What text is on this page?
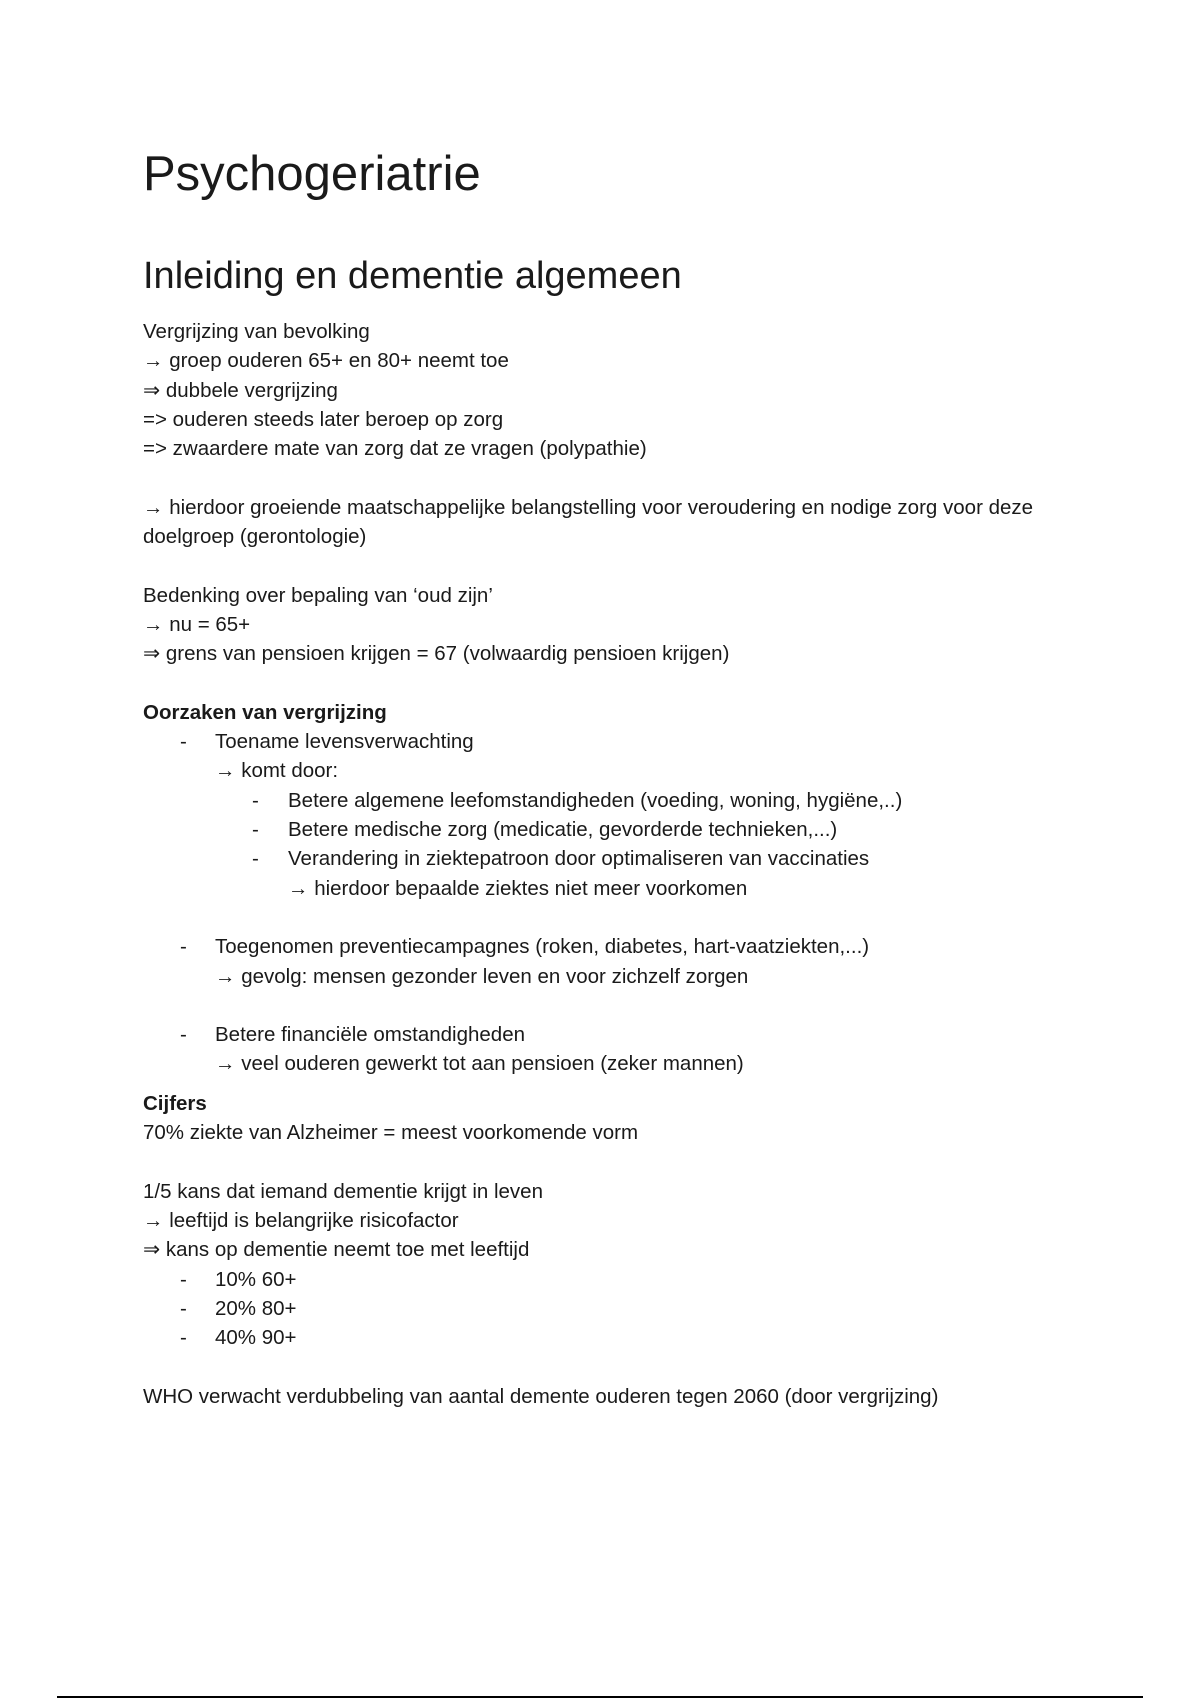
Psychogeriatrie
Inleiding en dementie algemeen
Vergrijzing van bevolking
→ groep ouderen 65+ en 80+ neemt toe
⇒ dubbele vergrijzing
=> ouderen steeds later beroep op zorg
=> zwaardere mate van zorg dat ze vragen (polypathie)
→ hierdoor groeiende maatschappelijke belangstelling voor veroudering en nodige zorg voor deze doelgroep (gerontologie)
Bedenking over bepaling van ‘oud zijn’
→ nu = 65+
⇒ grens van pensioen krijgen = 67 (volwaardig pensioen krijgen)
Oorzaken van vergrijzing
- Toename levensverwachting
→ komt door:
- Betere algemene leefomstandigheden (voeding, woning, hygiëne,..)
- Betere medische zorg (medicatie, gevorderde technieken,...)
- Verandering in ziektepatroon door optimaliseren van vaccinaties
→ hierdoor bepaalde ziektes niet meer voorkomen
- Toegenomen preventiecampagnes (roken, diabetes, hart-vaatziekten,...)
→ gevolg: mensen gezonder leven en voor zichzelf zorgen
- Betere financiële omstandigheden
→ veel ouderen gewerkt tot aan pensioen (zeker mannen)
Cijfers
70% ziekte van Alzheimer = meest voorkomende vorm
1/5 kans dat iemand dementie krijgt in leven
→ leeftijd is belangrijke risicofactor
⇒ kans op dementie neemt toe met leeftijd
- 10% 60+
- 20% 80+
- 40% 90+
WHO verwacht verdubbeling van aantal demente ouderen tegen 2060 (door vergrijzing)
